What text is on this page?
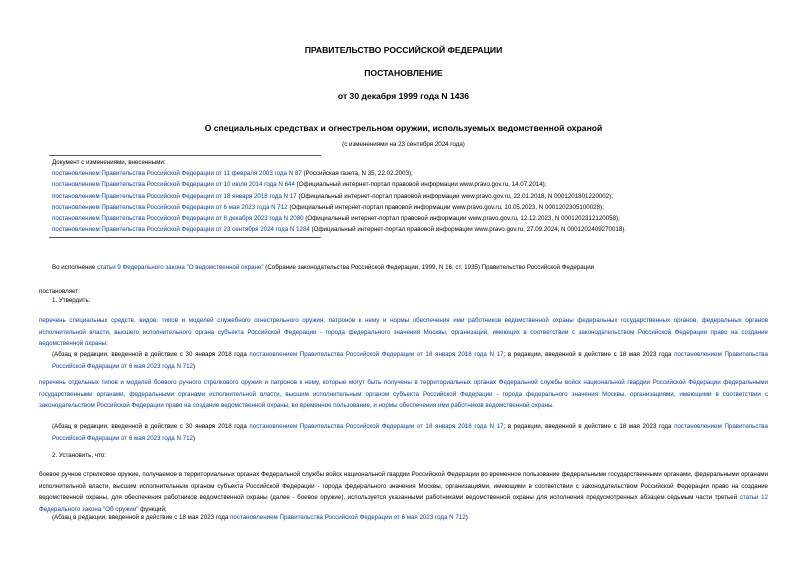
ПРАВИТЕЛЬСТВО РОССИЙСКОЙ ФЕДЕРАЦИИ
ПОСТАНОВЛЕНИЕ
от 30 декабря 1999 года N 1436
О специальных средствах и огнестрельном оружии, используемых ведомственной охраной
(с изменениями на 23 сентября 2024 года)
Документ с изменениями, внесенными:
постановлением Правительства Российской Федерации от 11 февраля 2003 года N 87 (Российская газета, N 35, 22.02.2003);
постановлением Правительства Российской Федерации от 10 июля 2014 года N 644 (Официальный интернет-портал правовой информации www.pravo.gov.ru, 14.07.2014);
постановлением Правительства Российской Федерации от 18 января 2018 года N 17 (Официальный интернет-портал правовой информации www.pravo.gov.ru, 22.01.2018, N 0001201801220002);
постановлением Правительства Российской Федерации от 6 мая 2023 года N 712 (Официальный интернет-портал правовой информации www.pravo.gov.ru, 10.05.2023, N 0001202305100028);
постановлением Правительства Российской Федерации от 8 декабря 2023 года N 2080 (Официальный интернет-портал правовой информации www.pravo.gov.ru, 12.12.2023, N 0001202312120058);
постановлением Правительства Российской Федерации от 23 сентября 2024 года N 1284 (Официальный интернет-портал правовой информации www.pravo.gov.ru, 27.09.2024, N 0001202409270018).
Во исполнение статьи 9 Федерального закона "О ведомственной охране" (Собрание законодательства Российской Федерации, 1999, N 16, ст. 1935) Правительство Российской Федерации
постановляет:
1. Утвердить:
перечень специальных средств, видов, типов и моделей служебного огнестрельного оружия, патронов к нему и нормы обеспечения ими работников ведомственной охраны федеральных государственных органов, федеральных органов исполнительной власти, высшего исполнительного органа субъекта Российской Федерации - города федерального значения Москвы, организаций, имеющих в соответствии с законодательством Российской Федерации право на создание ведомственной охраны;
(Абзац в редакции, введенной в действие с 30 января 2018 года постановлением Правительства Российской Федерации от 18 января 2018 года N 17; в редакции, введенной в действие с 18 мая 2023 года постановлением Правительства Российской Федерации от 6 мая 2023 года N 712)
перечень отдельных типов и моделей боевого ручного стрелкового оружия и патронов к нему, которые могут быть получены в территориальных органах Федеральной службы войск национальной гвардии Российской Федерации федеральными государственными органами, федеральными органами исполнительной власти, высшим исполнительным органом субъекта Российской Федерации - города федерального значения Москвы, организациями, имеющими в соответствии с законодательством Российской Федерации право на создание ведомственной охраны, во временное пользование, и нормы обеспечения ими работников ведомственной охраны.
(Абзац в редакции, введенной в действие с 30 января 2018 года постановлением Правительства Российской Федерации от 18 января 2018 года N 17; в редакции, введенной в действие с 18 мая 2023 года постановлением Правительства Российской Федерации от 6 мая 2023 года N 712)
2. Установить, что:
боевое ручное стрелковое оружие, получаемое в территориальных органах Федеральной службы войск национальной гвардии Российской Федерации во временное пользование федеральными государственными органами, федеральными органами исполнительной власти, высшим исполнительным органом субъекта Российской Федерации - города федерального значения Москвы, организациями, имеющими в соответствии с законодательством Российской Федерации право на создание ведомственной охраны, для обеспечения работников ведомственной охраны (далее - боевое оружие), используется указанными работниками ведомственной охраны для исполнения предусмотренных абзацем седьмым части третьей статьи 12 Федерального закона "Об оружии" функций;
(Абзац в редакции, введенной в действие с 18 мая 2023 года постановлением Правительства Российской Федерации от 6 мая 2023 года N 712)
